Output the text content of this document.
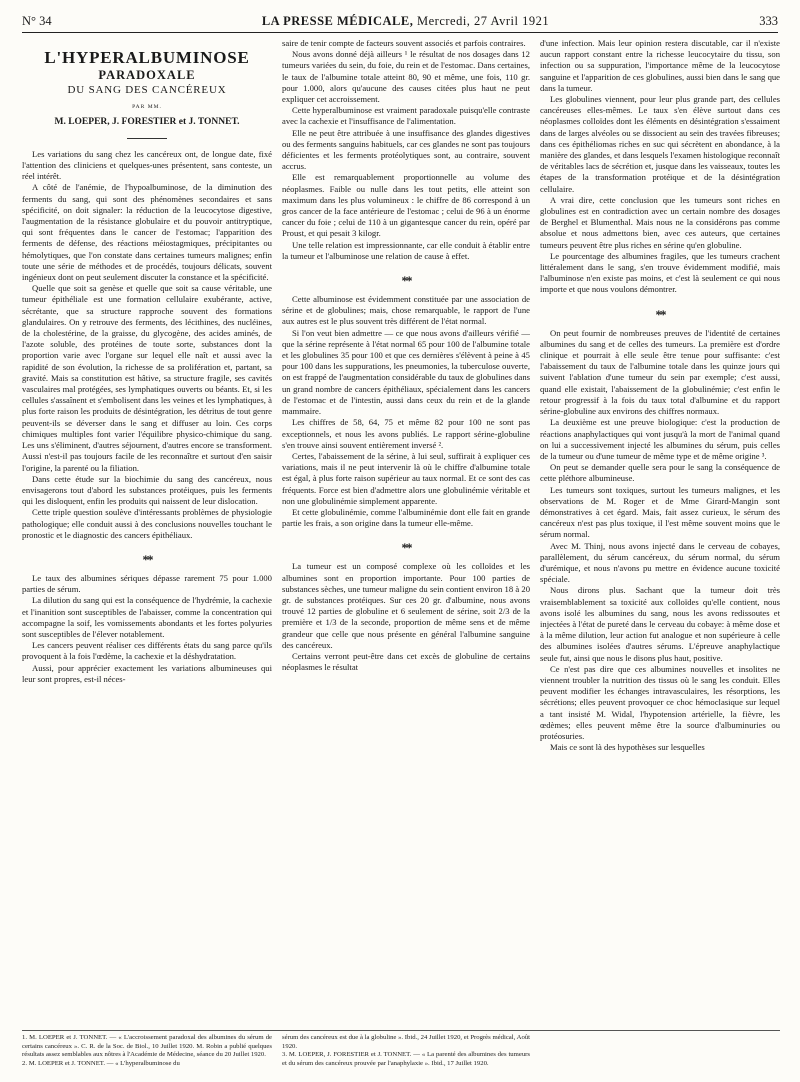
N° 34	LA PRESSE MÉDICALE, Mercredi, 27 Avril 1921	333
L'HYPERALBUMINOSE
PARADOXALE
DU SANG DES CANCÉREUX
PAR MM.
M. LOEPER, J. FORESTIER et J. TONNET.

Les variations du sang chez les cancéreux ont, de longue date, fixé l'attention des cliniciens et quelques-unes présentent, sans conteste, un réel intérêt.

A côté de l'anémie, de l'hypoalbuminose, de la diminution des ferments du sang, qui sont des phénomènes secondaires et sans spécificité, on doit signaler: la réduction de la leucocytose digestive, l'augmentation de la résistance globulaire et du pouvoir antitryptique, qui sont fréquentes dans le cancer de l'estomac; l'apparition des ferments de défense, des réactions méiostagmiques, précipitantes ou hémolytiques, que l'on constate dans certaines tumeurs malignes; enfin toute une série de méthodes et de procédés, toujours délicats, souvent ingénieux dont on peut seulement discuter la constance et la spécificité.

Quelle que soit sa genèse et quelle que soit sa cause véritable, une tumeur épithéliale est une formation cellulaire exubérante, active, sécrétante, que sa structure rapproche souvent des formations glandulaires. On y retrouve des ferments, des lécithines, des nucléines, de la cholestérine, de la graisse, du glycogène, des acides aminés, de l'azote soluble, des protéines de toute sorte, substances dont la proportion varie avec l'organe sur lequel elle naît et aussi avec la rapidité de son évolution, la richesse de sa prolifération et, partant, sa gravité. Mais sa constitution est hâtive, sa structure fragile, ses cavités vasculaires mal protégées, ses lymphatiques ouverts ou béants. Et, si les cellules s'assaînent et s'embolisent dans les veines et les lymphatiques, à plus forte raison les produits de désintégration, les détritus de tout genre peuvent-ils se déverser dans le sang et diffuser au loin. Ces corps chimiques multiples font varier l'équilibre physico-chimique du sang. Les uns s'éliminent, d'autres séjournent, d'autres encore se transforment. Aussi n'est-il pas toujours facile de les reconnaître et surtout d'en saisir l'origine, la parenté ou la filiation.

Dans cette étude sur la biochimie du sang des cancéreux, nous envisagerons tout d'abord les substances protéiques, puis les ferments qui les disloquent, enfin les produits qui naissent de leur dislocation.

Cette triple question soulève d'intéressants problèmes de physiologie pathologique; elle conduit aussi à des conclusions nouvelles touchant le pronostic et le diagnostic des cancers épithéliaux.

**

Le taux des albumines sériques dépasse rarement 75 pour 1.000 parties de sérum.

La dilution du sang qui est la conséquence de l'hydrémie, la cachexie et l'inanition sont susceptibles de l'abaisser, comme la concentration qui accompagne la soif, les vomissements abondants et les fortes polyuries sont susceptibles de l'élever notablement.

Les cancers peuvent réaliser ces différents états du sang parce qu'ils provoquent à la fois l'œdème, la cachexie et la déshydratation.

Aussi, pour apprécier exactement les variations albumineuses qui leur sont propres, est-il néces-

saire de tenir compte de facteurs souvent associés et parfois contraires.

Nous avons donné déjà ailleurs ¹ le résultat de nos dosages dans 12 tumeurs variées du sein, du foie, du rein et de l'estomac. Dans certaines, le taux de l'albumine totale atteint 80, 90 et même, une fois, 110 gr. pour 1.000, alors qu'aucune des causes citées plus haut ne peut expliquer cet accroissement.

Cette hyperalbuminose est vraiment paradoxale puisqu'elle contraste avec la cachexie et l'insuffisance de l'alimentation.

Elle ne peut être attribuée à une insuffisance des glandes digestives ou des ferments sanguins habituels, car ces glandes ne sont pas toujours déficientes et les ferments protéolytiques sont, au contraire, souvent accrus.

Elle est remarquablement proportionnelle au volume des néoplasmes. Faible ou nulle dans les tout petits, elle atteint son maximum dans les plus volumineux : le chiffre de 86 correspond à un gros cancer de la face antérieure de l'estomac ; celui de 96 à un énorme cancer du foie ; celui de 110 à un gigantesque cancer du rein, opéré par Proust, et qui pesait 3 kilogr.

Une telle relation est impressionnante, car elle conduit à établir entre la tumeur et l'albuminose une relation de cause à effet.

**

Cette albuminose est évidemment constituée par une association de sérine et de globulines; mais, chose remarquable, le rapport de l'une aux autres est le plus souvent très différent de l'état normal.

Si l'on veut bien admettre — ce que nous avons d'ailleurs vérifié — que la sérine représente à l'état normal 65 pour 100 de l'albumine totale et les globulines 35 pour 100 et que ces dernières s'élèvent à peine à 45 pour 100 dans les suppurations, les pneumonies, la tuberculose ouverte, on est frappé de l'augmentation considérable du taux de globulines dans un grand nombre de cancers épithéliaux, spécialement dans les cancers de l'estomac et de l'intestin, aussi dans ceux du rein et de la glande mammaire.

Les chiffres de 58, 64, 75 et même 82 pour 100 ne sont pas exceptionnels, et nous les avons publiés. Le rapport sérine-globuline s'en trouve ainsi souvent entièrement inversé ².

Certes, l'abaissement de la sérine, à lui seul, suffirait à expliquer ces variations, mais il ne peut intervenir là où le chiffre d'albumine totale est égal, à plus forte raison supérieur au taux normal. Et ce sont des cas fréquents. Force est bien d'admettre alors une globulinémie véritable et non une globulinémie simplement apparente.

Et cette globulinémie, comme l'albuminémie dont elle fait en grande partie les frais, a son origine dans la tumeur elle-même.

**

La tumeur est un composé complexe où les colloïdes et les albumines sont en proportion importante. Pour 100 parties de substances sèches, une tumeur maligne du sein contient environ 18 à 20 gr. de substances protéiques. Sur ces 20 gr. d'albumine, nous avons trouvé 12 parties de globuline et 6 seulement de sérine, soit 2/3 de la première et 1/3 de la seconde, proportion de même sens et de même grandeur que celle que nous présente en général l'albumine sanguine des cancéreux.

Certains verront peut-être dans cet excès de globuline de certains néoplasmes le résultat

d'une infection. Mais leur opinion restera discutable, car il n'existe aucun rapport constant entre la richesse leucocytaire du tissu, son infection ou sa suppuration, l'importance même de la leucocytose sanguine et l'apparition de ces globulines, aussi bien dans le sang que dans la tumeur.

Les globulines viennent, pour leur plus grande part, des cellules cancéreuses elles-mêmes. Le taux s'en élève surtout dans ces néoplasmes colloïdes dont les éléments en désintégration s'essaiment dans de larges alvéoles ou se dissocient au sein des travées fibreuses; dans ces épithéliomas riches en suc qui sécrètent en abondance, à la manière des glandes, et dans lesquels l'examen histologique reconnaît de véritables lacs de sécrétion et, jusque dans les vaisseaux, toutes les étapes de la transformation protéique et de la désintégration cellulaire.

A vrai dire, cette conclusion que les tumeurs sont riches en globulines est en contradiction avec un certain nombre des dosages de Berghel et Blumenthal. Mais nous ne la considérons pas comme absolue et nous admettons bien, avec ces auteurs, que certaines tumeurs peuvent être plus riches en sérine qu'en globuline.

Le pourcentage des albumines fragiles, que les tumeurs crachent littéralement dans le sang, s'en trouve évidemment modifié, mais l'albuminose n'en existe pas moins, et c'est là seulement ce qui nous importe et que nous voulons démontrer.

**

On peut fournir de nombreuses preuves de l'identité de certaines albumines du sang et de celles des tumeurs. La première est d'ordre clinique et pourrait à elle seule être tenue pour suffisante: c'est l'abaissement du taux de l'albumine totale dans les quinze jours qui suivent l'ablation d'une tumeur du sein par exemple; c'est aussi, quand elle existait, l'abaissement de la globulinémie; c'est enfin le retour progressif à la fois du taux total d'albumine et du rapport sérine-globuline aux environs des chiffres normaux.

La deuxième est une preuve biologique: c'est la production de réactions anaphylactiques qui vont jusqu'à la mort de l'animal quand on lui a successivement injecté les albumines du sérum, puis celles de la tumeur ou d'une tumeur de même type et de même origine ³.

On peut se demander quelle sera pour le sang la conséquence de cette pléthore albumineuse.

Les tumeurs sont toxiques, surtout les tumeurs malignes, et les observations de M. Roger et de Mme Girard-Mangin sont démonstratives à cet égard. Mais, fait assez curieux, le sérum des cancéreux n'est pas plus toxique, il l'est même souvent moins que le sérum normal.

Avec M. Thinj, nous avons injecté dans le cerveau de cobayes, parallèlement, du sérum cancéreux, du sérum normal, du sérum d'urémique, et nous n'avons pu mettre en évidence aucune toxicité spéciale.

Nous dirons plus. Sachant que la tumeur doit très vraisemblablement sa toxicité aux colloïdes qu'elle contient, nous avons isolé les albumines du sang, nous les avons redissoutes et injectées à l'état de pureté dans le cerveau du cobaye: à même dose et à la même dilution, leur action fut analogue et non supérieure à celle des albumines isolées d'autres sérums. L'épreuve anaphylactique seule fut, ainsi que nous le disons plus haut, positive.

Ce n'est pas dire que ces albumines nouvelles et insolites ne viennent troubler la nutrition des tissus où le sang les conduit. Elles peuvent modifier les échanges intravasculaires, les résorptions, les sécrétions; elles peuvent provoquer ce choc hémoclasique sur lequel a tant insisté M. Widal, l'hypotension artérielle, la fièvre, les œdèmes; elles peuvent même être la source d'albuminuries ou protéosuries.

Mais ce sont là des hypothèses sur lesquelles

1. M. LOEPER et J. TONNET. — « L'accroissement paradoxal des albumines du sérum de certains cancéreux ». C. R. de la Soc. de Biol., 10 Juillet 1920. M. Robin a publié quelques résultats assez semblables aux nôtres à l'Académie de Médecine, séance du 20 Juillet 1920.

2. M. LOEPER et J. TONNET. — « L'hyperalbuminose du

sérum des cancéreux est due à la globuline ». Ibid., 24 Juillet 1920, et Progrès médical, Août 1920.

3. M. LOEPER, J. FORESTIER et J. TONNET. — « La parenté des albumines des tumeurs et du sérum des cancéreux prouvée par l'anaphylaxie ». Ibid., 17 Juillet 1920.
